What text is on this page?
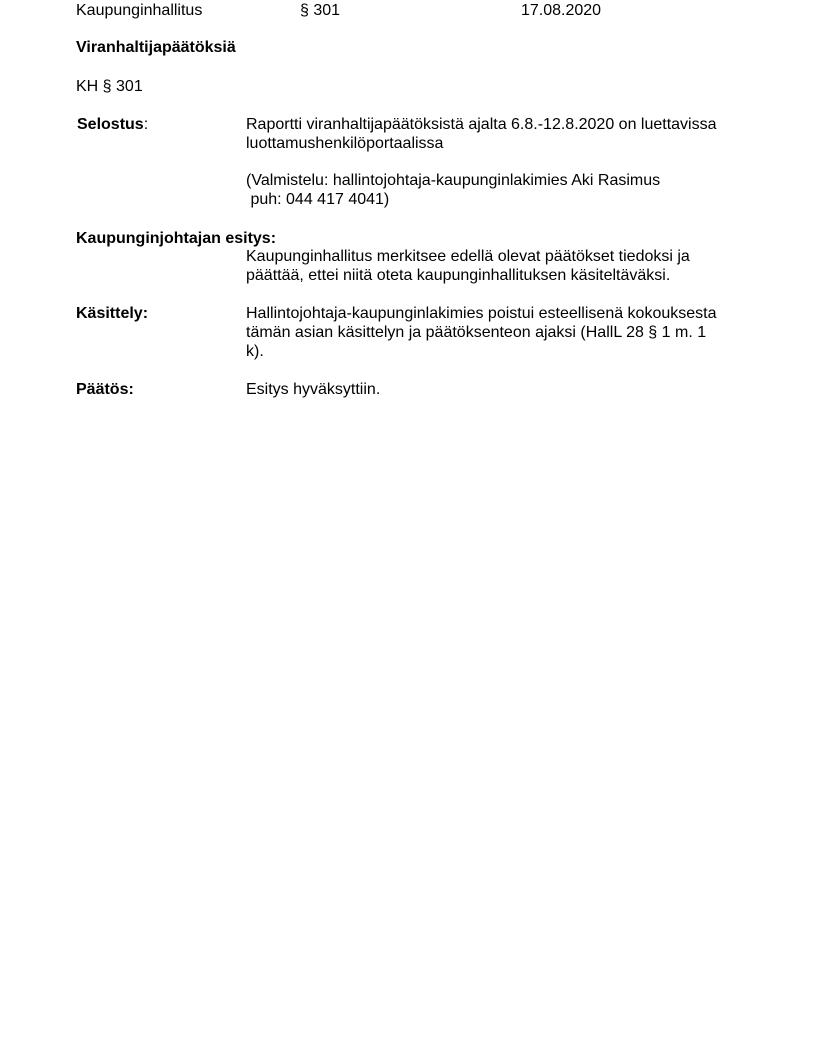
Kaupunginhallitus	§ 301	17.08.2020
Viranhaltijapäätöksiä
KH § 301
Selostus:	Raportti viranhaltijapäätöksistä ajalta 6.8.-12.8.2020 on luettavissa
luottamushenkilöportaalissa
(Valmistelu: hallintojohtaja-kaupunginlakimies Aki Rasimus
puh: 044 417 4041)
Kaupunginjohtajan esitys:
Kaupunginhallitus merkitsee edellä olevat päätökset tiedoksi ja
päättää, ettei niitä oteta kaupunginhallituksen käsiteltäväksi.
Käsittely:	Hallintojohtaja-kaupunginlakimies poistui esteellisenä kokouksesta
tämän asian käsittelyn ja päätöksenteon ajaksi (HallL 28 § 1 m. 1
k).
Päätös:	Esitys hyväksyttiin.
